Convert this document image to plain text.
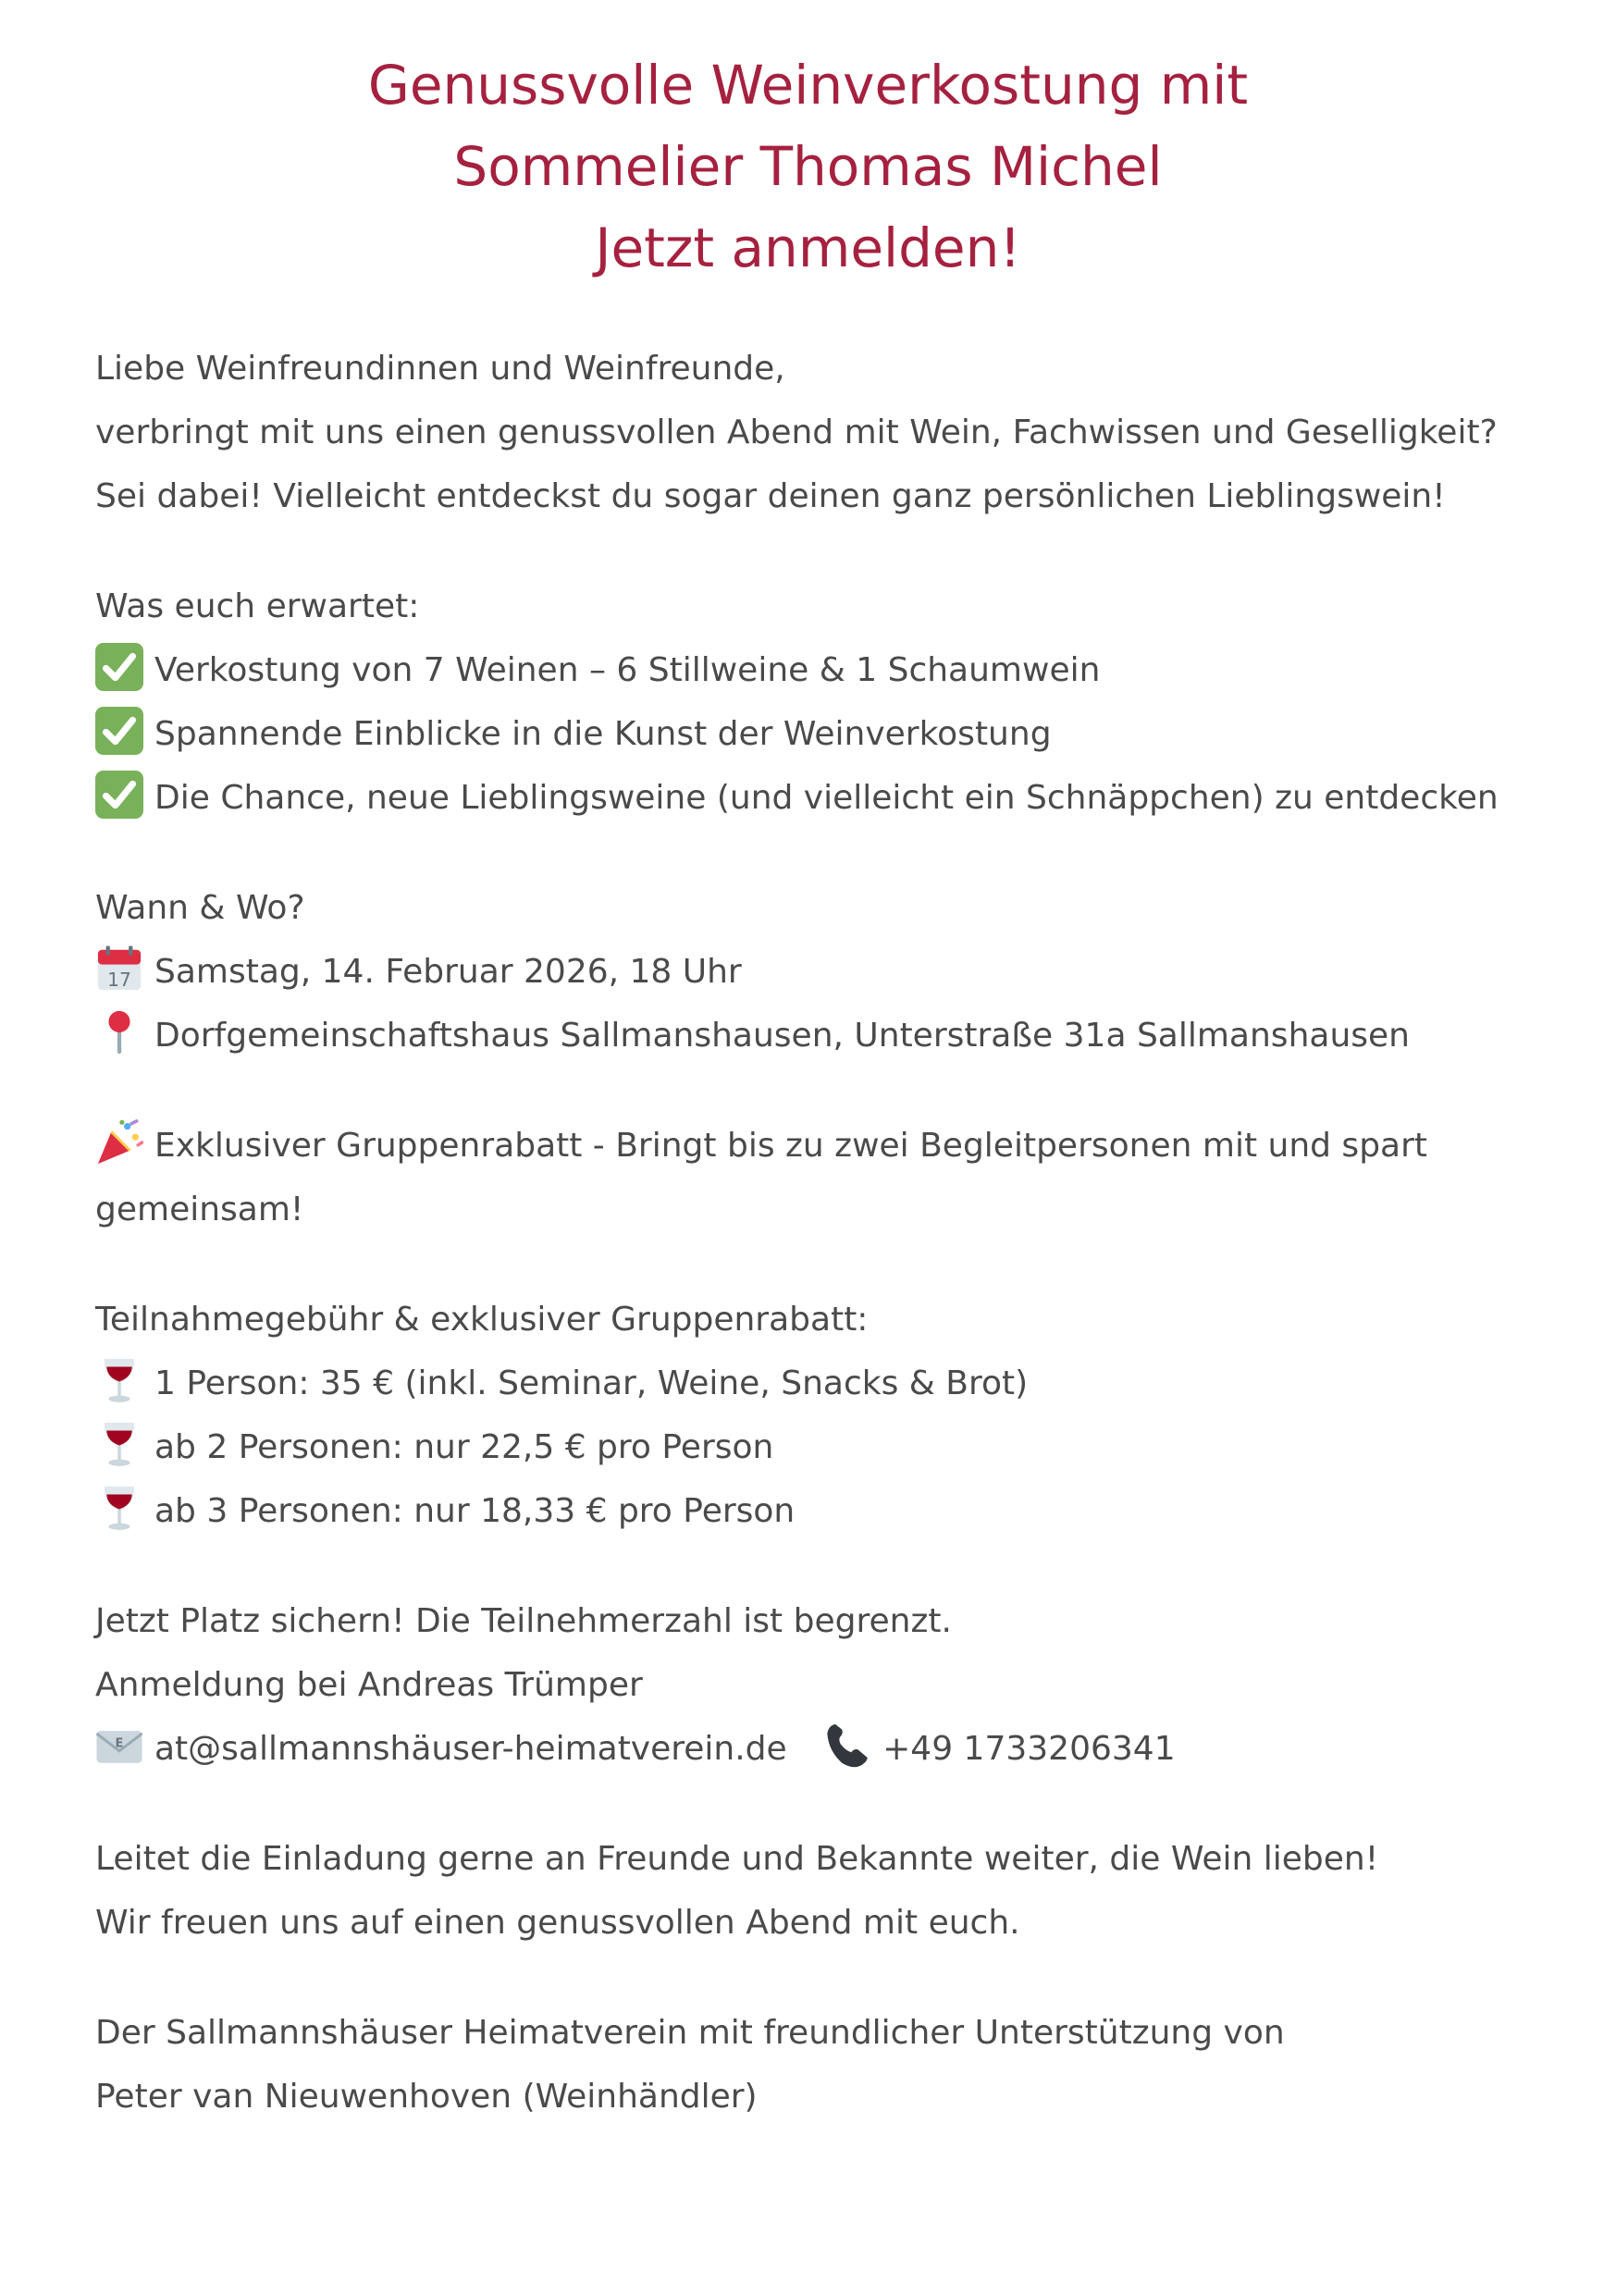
Genussvolle Weinverkostung mit
Sommelier Thomas Michel
Jetzt anmelden!
Liebe Weinfreundinnen und Weinfreunde,
verbringt mit uns einen genussvollen Abend mit Wein, Fachwissen und Geselligkeit?
Sei dabei! Vielleicht entdeckst du sogar deinen ganz persönlichen Lieblingswein!
Was euch erwartet:
Verkostung von 7 Weinen – 6 Stillweine & 1 Schaumwein
Spannende Einblicke in die Kunst der Weinverkostung
Die Chance, neue Lieblingsweine (und vielleicht ein Schnäppchen) zu entdecken
Wann & Wo?
17 Samstag, 14. Februar 2026, 18 Uhr
Dorfgemeinschaftshaus Sallmanshausen, Unterstraße 31a Sallmanshausen
Exklusiver Gruppenrabatt - Bringt bis zu zwei Begleitpersonen mit und spart gemeinsam!
Teilnahmegebühr & exklusiver Gruppenrabatt:
1 Person: 35 € (inkl. Seminar, Weine, Snacks & Brot)
ab 2 Personen: nur 22,5 € pro Person
ab 3 Personen: nur 18,33 € pro Person
Jetzt Platz sichern! Die Teilnehmerzahl ist begrenzt.
Anmeldung bei Andreas Trümper
E at@sallmannshäuser-heimatverein.de	+49 1733206341
Leitet die Einladung gerne an Freunde und Bekannte weiter, die Wein lieben!
Wir freuen uns auf einen genussvollen Abend mit euch.
Der Sallmannshäuser Heimatverein mit freundlicher Unterstützung von
Peter van Nieuwenhoven (Weinhändler)
